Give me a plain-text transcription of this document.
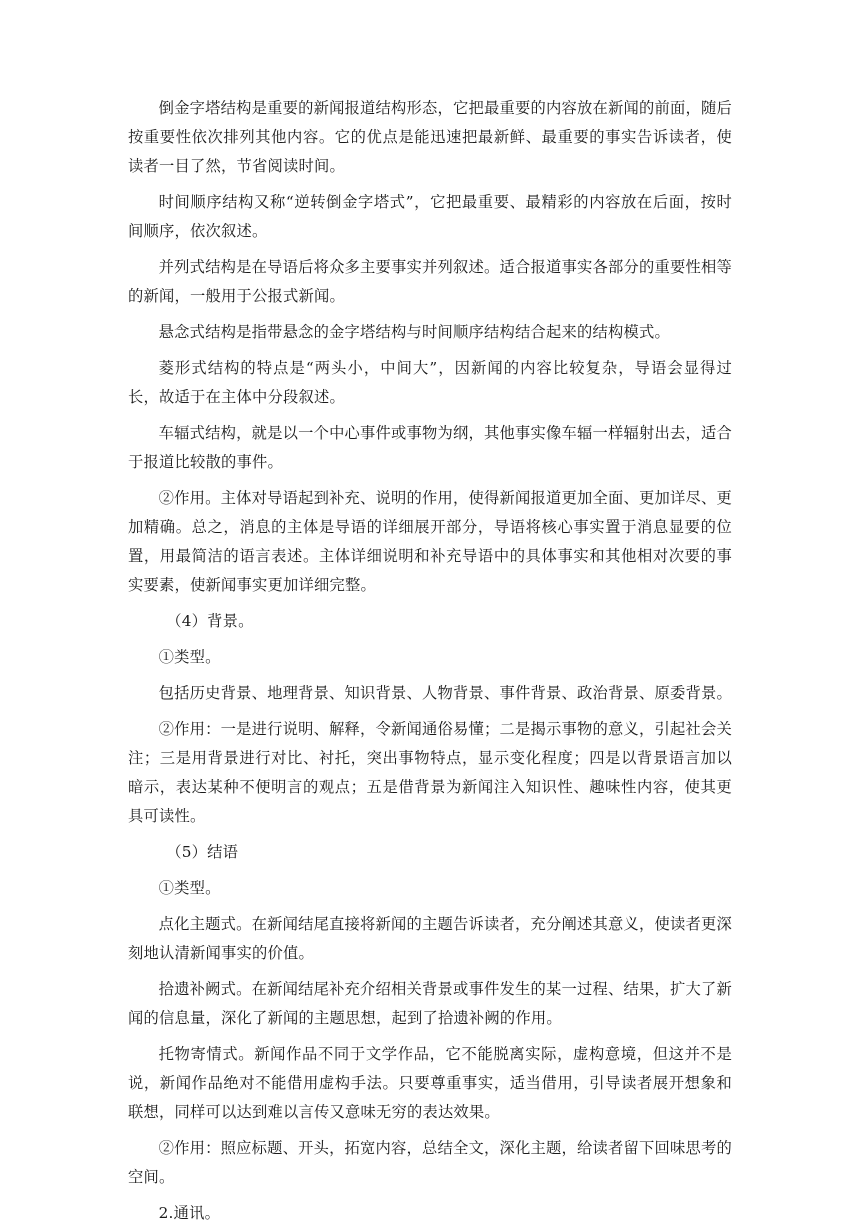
倒金字塔结构是重要的新闻报道结构形态，它把最重要的内容放在新闻的前面，随后按重要性依次排列其他内容。它的优点是能迅速把最新鲜、最重要的事实告诉读者，使读者一目了然，节省阅读时间。

时间顺序结构又称“逆转倒金字塔式”，它把最重要、最精彩的内容放在后面，按时间顺序，依次叙述。

并列式结构是在导语后将众多主要事实并列叙述。适合报道事实各部分的重要性相等的新闻，一般用于公报式新闻。

悬念式结构是指带悬念的金字塔结构与时间顺序结构结合起来的结构模式。

菱形式结构的特点是“两头小，中间大”，因新闻的内容比较复杂，导语会显得过长，故适于在主体中分段叙述。

车辐式结构，就是以一个中心事件或事物为纲，其他事实像车辐一样辐射出去，适合于报道比较散的事件。

②作用。主体对导语起到补充、说明的作用，使得新闻报道更加全面、更加详尽、更加精确。总之，消息的主体是导语的详细展开部分，导语将核心事实置于消息显要的位置，用最简洁的语言表述。主体详细说明和补充导语中的具体事实和其他相对次要的事实要素，使新闻事实更加详细完整。

（4）背景。

①类型。

包括历史背景、地理背景、知识背景、人物背景、事件背景、政治背景、原委背景。

②作用：一是进行说明、解释，令新闻通俗易懂；二是揭示事物的意义，引起社会关注；三是用背景进行对比、衬托，突出事物特点，显示变化程度；四是以背景语言加以暗示，表达某种不便明言的观点；五是借背景为新闻注入知识性、趣味性内容，使其更具可读性。

（5）结语

①类型。

点化主题式。在新闻结尾直接将新闻的主题告诉读者，充分阐述其意义，使读者更深刻地认清新闻事实的价值。

拾遗补阙式。在新闻结尾补充介绍相关背景或事件发生的某一过程、结果，扩大了新闻的信息量，深化了新闻的主题思想，起到了拾遗补阙的作用。

托物寄情式。新闻作品不同于文学作品，它不能脱离实际，虚构意境，但这并不是说，新闻作品绝对不能借用虚构手法。只要尊重事实，适当借用，引导读者展开想象和联想，同样可以达到难以言传又意味无穷的表达效果。

②作用：照应标题、开头，拓宽内容，总结全文，深化主题，给读者留下回味思考的空间。

2.通讯。
